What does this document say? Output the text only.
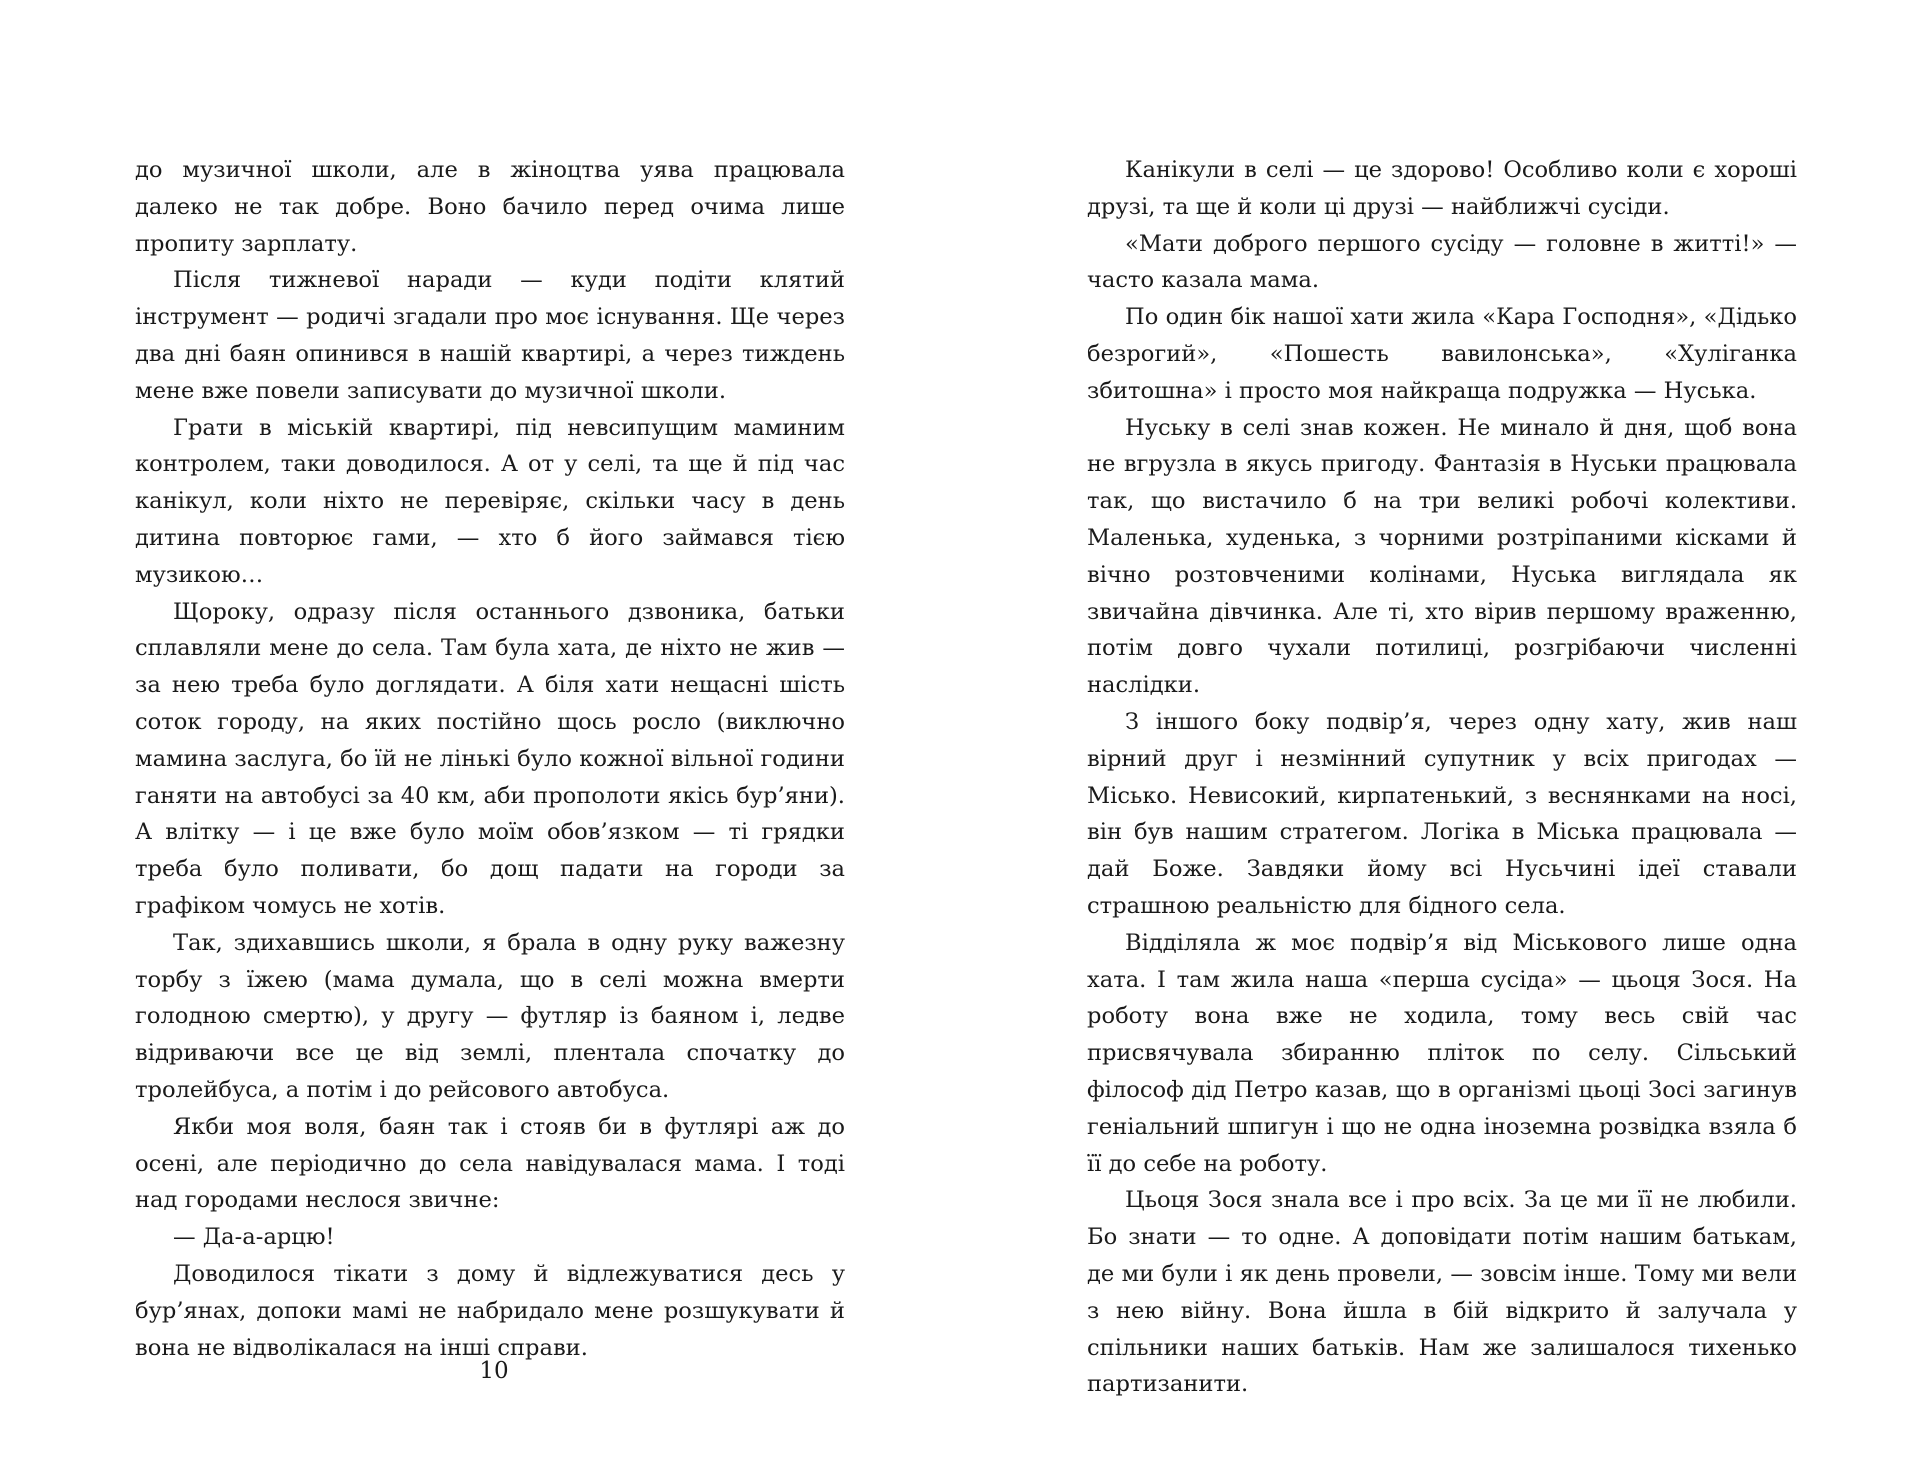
до музичної школи, але в жіноцтва уява працювала далеко не так добре. Воно бачило перед очима лише пропиту зарплату.

Після тижневої наради — куди подіти клятий інструмент — родичі згадали про моє існування. Ще через два дні баян опинився в нашій квартирі, а через тиждень мене вже повели записувати до музичної школи.

Грати в міській квартирі, під невсипущим маминим контролем, таки доводилося. А от у селі, та ще й під час канікул, коли ніхто не перевіряє, скільки часу в день дитина повторює гами, — хто б його займався тією музикою…

Щороку, одразу після останнього дзвоника, батьки сплавляли мене до села. Там була хата, де ніхто не жив — за нею треба було доглядати. А біля хати нещасні шість соток городу, на яких постійно щось росло (виключно мамина заслуга, бо їй не лінькі було кожної вільної години ганяти на автобусі за 40 км, аби прополоти якісь бур’яни). А влітку — і це вже було моїм обов’язком — ті грядки треба було поливати, бо дощ падати на городи за графіком чомусь не хотів.

Так, здихавшись школи, я брала в одну руку важезну торбу з їжею (мама думала, що в селі можна вмерти голодною смертю), у другу — футляр із баяном і, ледве відриваючи все це від землі, плентала спочатку до тролейбуса, а потім і до рейсового автобуса.

Якби моя воля, баян так і стояв би в футлярі аж до осені, але періодично до села навідувалася мама. І тоді над городами неслося звичне:

— Да-а-арцю!

Доводилося тікати з дому й відлежуватися десь у бур’янах, допоки мамі не набридало мене розшукувати й вона не відволікалася на інші справи.

10

Канікули в селі — це здорово! Особливо коли є хороші друзі, та ще й коли ці друзі — найближчі сусіди.

«Мати доброго першого сусіду — головне в житті!» — часто казала мама.

По один бік нашої хати жила «Кара Господня», «Дідько безрогий», «Пошесть вавилонська», «Хуліганка збитошна» і просто моя найкраща подружка — Нуська.

Нуську в селі знав кожен. Не минало й дня, щоб вона не вгрузла в якусь пригоду. Фантазія в Нуськи працювала так, що вистачило б на три великі робочі колективи. Маленька, худенька, з чорними розтріпаними кісками й вічно розтовченими колінами, Нуська виглядала як звичайна дівчинка. Але ті, хто вірив першому враженню, потім довго чухали потилиці, розгрібаючи численні наслідки.

З іншого боку подвір’я, через одну хату, жив наш вірний друг і незмінний супутник у всіх пригодах — Місько. Невисокий, кирпатенький, з веснянками на носі, він був нашим стратегом. Логіка в Міська працювала — дай Боже. Завдяки йому всі Нусьчині ідеї ставали страшною реальністю для бідного села.

Відділяла ж моє подвір’я від Міськового лише одна хата. І там жила наша «перша сусіда» — цьоця Зося. На роботу вона вже не ходила, тому весь свій час присвячувала збиранню пліток по селу. Сільський філософ дід Петро казав, що в організмі цьоці Зосі загинув геніальний шпигун і що не одна іноземна розвідка взяла б її до себе на роботу.

Цьоця Зося знала все і про всіх. За це ми її не любили. Бо знати — то одне. А доповідати потім нашим батькам, де ми були і як день провели, — зовсім інше. Тому ми вели з нею війну. Вона йшла в бій відкрито й залучала у спільники наших батьків. Нам же залишалося тихенько партизанити.
